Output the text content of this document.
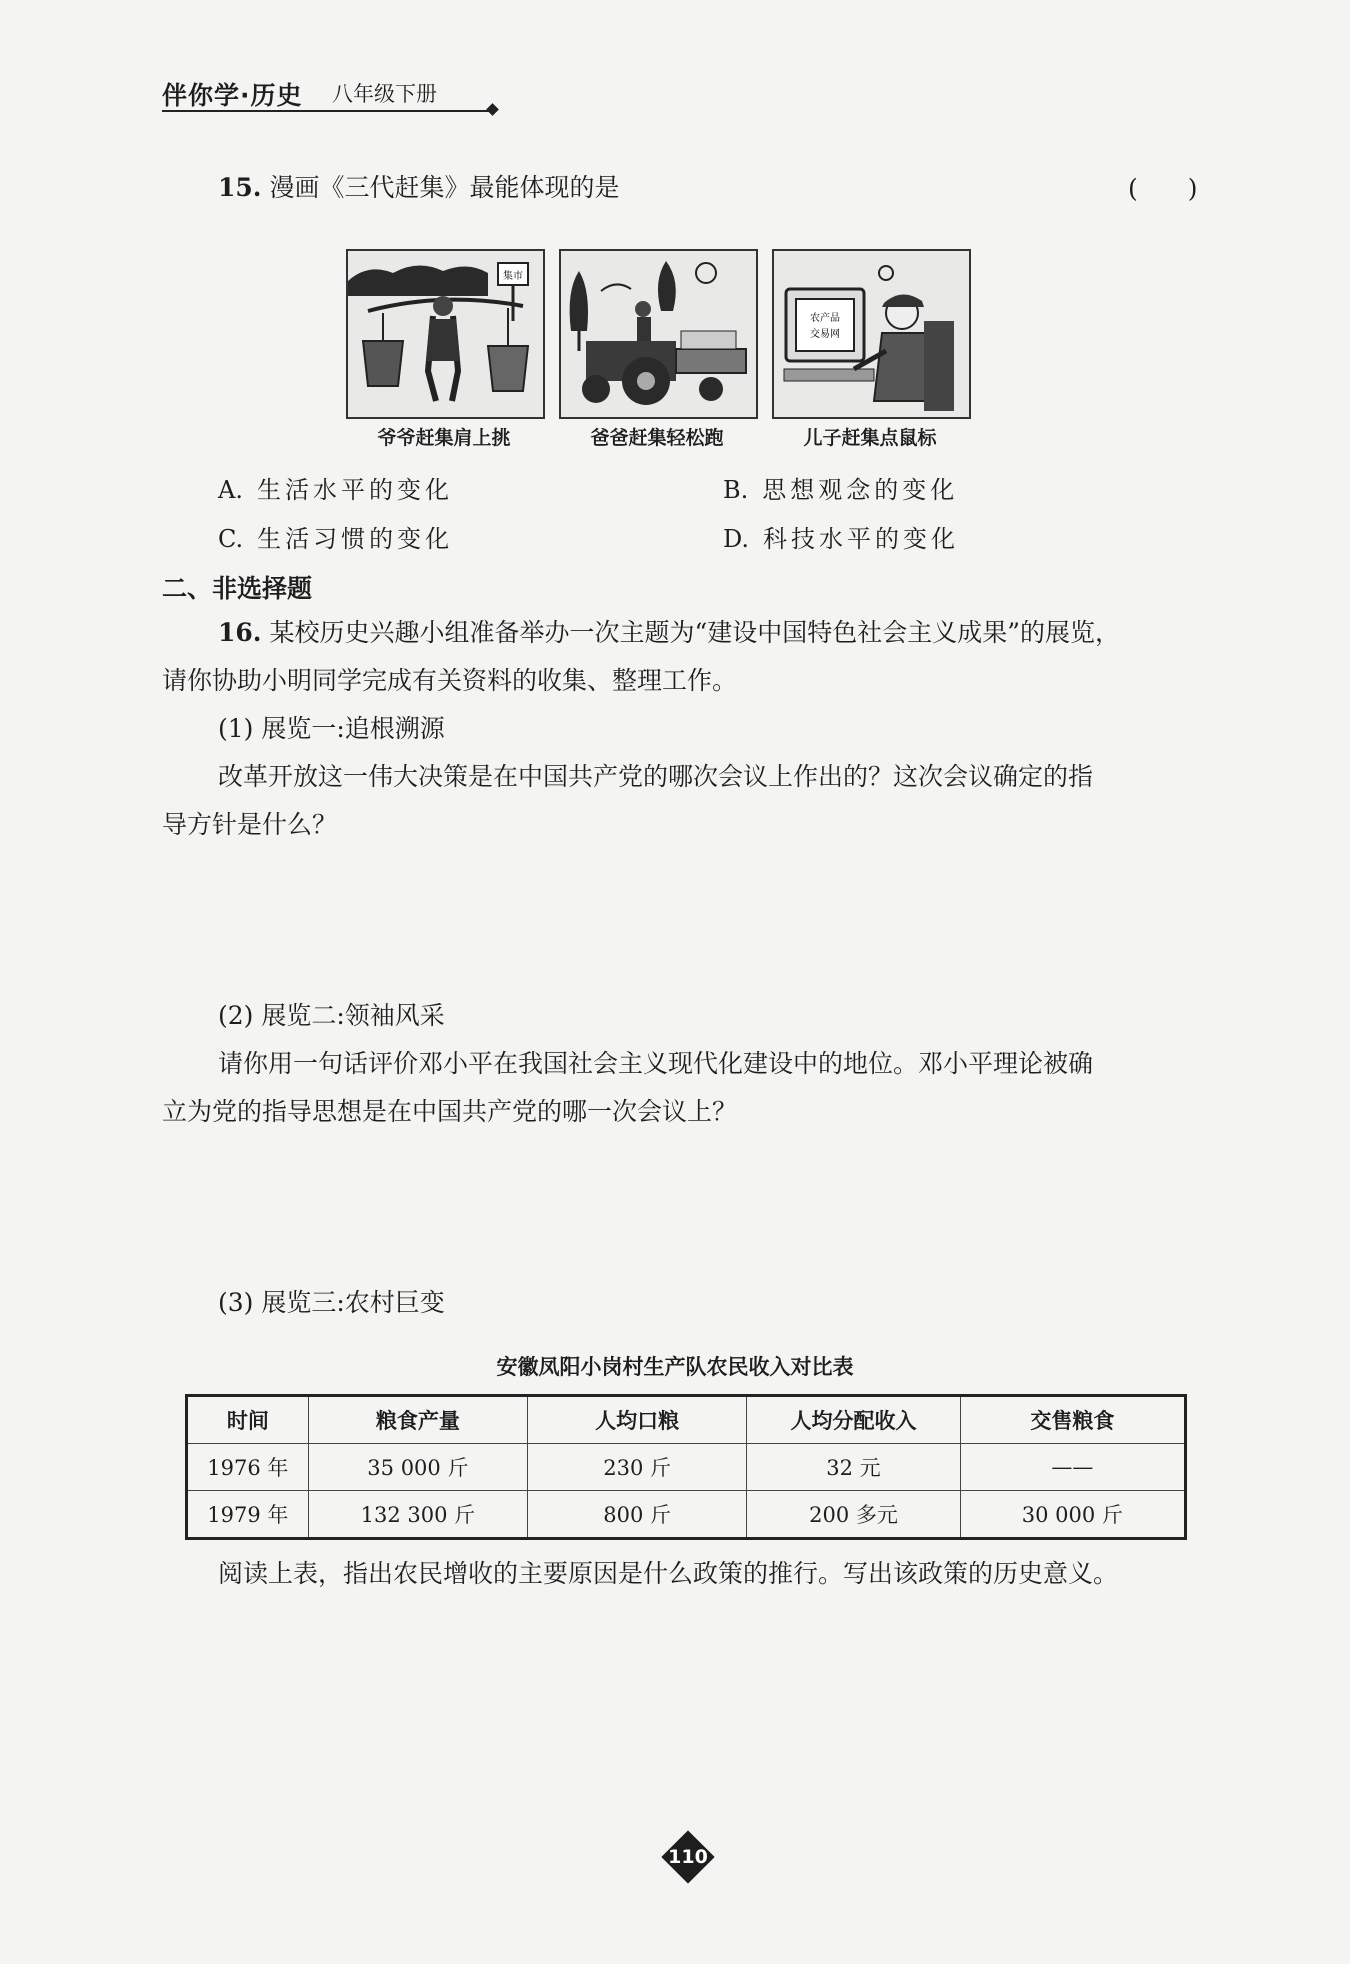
伴你学·历史 八年级下册
15. 漫画《三代赶集》最能体现的是	( )
集市
爷爷赶集肩上挑	爸爸赶集轻松跑
农产品
交易网
儿子赶集点鼠标
A. 生活水平的变化	B. 思想观念的变化
C. 生活习惯的变化	D. 科技水平的变化
二、非选择题
16. 某校历史兴趣小组准备举办一次主题为“建设中国特色社会主义成果”的展览，
请你协助小明同学完成有关资料的收集、整理工作。
(1) 展览一:追根溯源
改革开放这一伟大决策是在中国共产党的哪次会议上作出的？这次会议确定的指
导方针是什么？
(2) 展览二:领袖风采
请你用一句话评价邓小平在我国社会主义现代化建设中的地位。邓小平理论被确
立为党的指导思想是在中国共产党的哪一次会议上？
(3) 展览三:农村巨变
安徽凤阳小岗村生产队农民收入对比表
时间	粮食产量	人均口粮	人均分配收入	交售粮食
1976 年	35 000 斤	230 斤	32 元	——
1979 年	132 300 斤	800 斤	200 多元	30 000 斤
阅读上表，指出农民增收的主要原因是什么政策的推行。写出该政策的历史意义。
110
